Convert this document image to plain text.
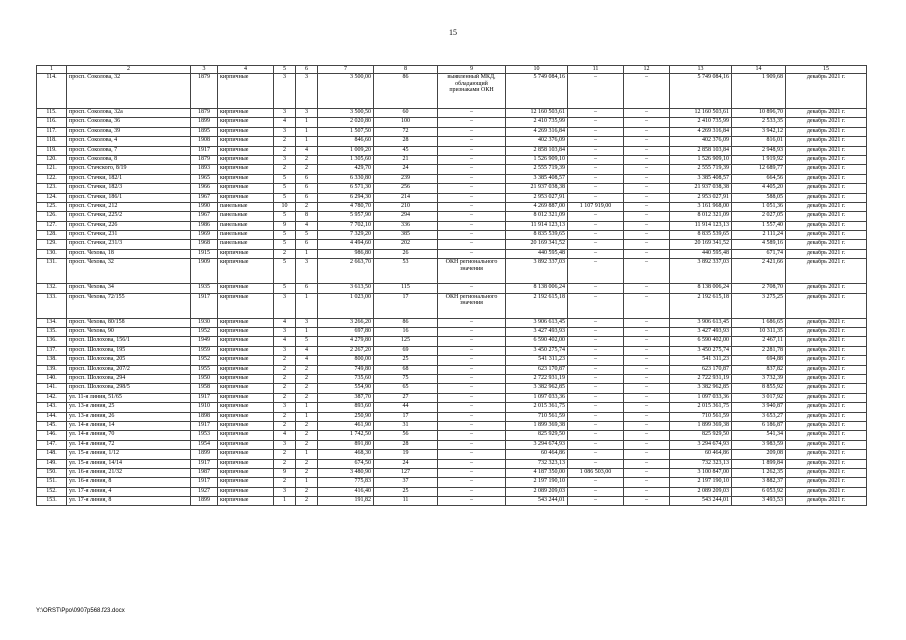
15
1	2	3	4	5	6	7	8	9	10	11	12	13	14	15
114.	просп. Соколова, 32	1879	кирпичные	3	3	3 500,00	86	выявленный МКД, обладающий признаками ОКН	5 749 084,16	–	–	5 749 084,16	1 909,68	декабрь 2021 г.
115.	просп. Соколова, 32а	1879	кирпичные	3	3	3 500,50	60	–	12 160 503,61	–	–	12 160 503,61	10 896,70	декабрь 2021 г.
116.	просп. Соколова, 36	1899	кирпичные	4	1	2 020,80	100	–	2 410 735,99	–	–	2 410 735,99	2 533,35	декабрь 2021 г.
117.	просп. Соколова, 39	1895	кирпичные	3	1	1 507,50	72	–	4 269 316,84	–	–	4 269 316,84	3 942,12	декабрь 2021 г.
118.	просп. Соколова, 4	1908	кирпичные	2	1	846,60	28	–	402 376,09	–	–	402 376,09	816,01	декабрь 2021 г.
119.	просп. Соколова, 7	1917	кирпичные	2	4	1 009,20	45	–	2 858 103,84	–	–	2 858 103,84	2 948,93	декабрь 2021 г.
120.	просп. Соколова, 8	1879	кирпичные	3	2	1 305,60	21	–	1 526 909,10	–	–	1 526 909,10	1 919,92	декабрь 2021 г.
121.	просп. Стачского, 8/19	1893	кирпичные	2	2	429,70	24	–	2 555 719,39	–	–	2 555 719,39	12 689,77	декабрь 2021 г.
122.	просп. Стачки, 182/1	1965	кирпичные	5	6	6 330,80	239	–	3 385 408,57	–	–	3 385 408,57	664,56	декабрь 2021 г.
123.	просп. Стачки, 182/3	1966	кирпичные	5	6	6 571,30	256	–	21 937 038,38	–	–	21 937 038,38	4 405,20	декабрь 2021 г.
124.	просп. Стачки, 186/1	1967	кирпичные	5	6	6 294,30	214	–	2 953 027,91	–	–	2 953 027,91	588,05	декабрь 2021 г.
125.	просп. Стачки, 212	1990	панельные	10	2	4 780,70	210	–	4 269 887,00	1 107 919,00	–	3 161 968,00	1 051,36	декабрь 2021 г.
126.	просп. Стачки, 225/2	1967	панельные	5	8	5 957,90	294	–	8 012 321,09	–	–	8 012 321,09	2 027,05	декабрь 2021 г.
127.	просп. Стачки, 226	1986	панельные	9	4	7 702,10	336	–	11 914 123,13	–	–	11 914 123,13	1 557,40	декабрь 2021 г.
128.	просп. Стачки, 231	1969	панельные	5	5	7 329,20	385	–	8 835 539,65	–	–	8 835 539,65	2 111,24	декабрь 2021 г.
129.	просп. Стачки, 231/3	1968	панельные	5	6	4 494,60	202	–	20 169 341,52	–	–	20 169 341,52	4 589,16	декабрь 2021 г.
130.	просп. Чехова, 18	1915	кирпичные	2	1	986,80	26	–	440 595,48	–	–	440 595,48	671,74	декабрь 2021 г.
131.	просп. Чехова, 32	1909	кирпичные	5	3	2 663,70	53	ОКН регионального значения	3 892 337,03	–	–	3 892 337,03	2 421,66	декабрь 2021 г.
132.	просп. Чехова, 34	1935	кирпичные	5	6	3 613,50	115	–	8 138 006,24	–	–	8 138 006,24	2 708,70	декабрь 2021 г.
133.	просп. Чехова, 72/155	1917	кирпичные	3	1	1 023,00	17	ОКН регионального значения	2 192 615,18	–	–	2 192 615,18	3 275,25	декабрь 2021 г.
134.	просп. Чехова, 80/158	1930	кирпичные	4	3	3 266,20	86	–	3 906 613,45	–	–	3 906 613,45	1 686,65	декабрь 2021 г.
135.	просп. Чехова, 90	1952	кирпичные	3	1	697,80	16	–	3 427 493,93	–	–	3 427 493,93	10 311,35	декабрь 2021 г.
136.	просп. Шолохова, 156/1	1949	кирпичные	4	5	4 279,80	125	–	6 590 402,00	–	–	6 590 402,00	2 467,11	декабрь 2021 г.
137.	просп. Шолохова, 195	1959	кирпичные	3	4	2 267,20	69	–	3 450 275,74	–	–	3 450 275,74	2 281,78	декабрь 2021 г.
138.	просп. Шолохова, 205	1952	кирпичные	2	4	800,00	25	–	541 311,23	–	–	541 311,23	694,88	декабрь 2021 г.
139.	просп. Шолохова, 207/2	1955	кирпичные	2	2	749,80	68	–	623 170,87	–	–	623 170,87	837,82	декабрь 2021 г.
140.	просп. Шолохова, 294	1950	кирпичные	2	2	735,60	75	–	2 722 931,19	–	–	2 722 931,19	3 732,39	декабрь 2021 г.
141.	просп. Шолохова, 298/5	1958	кирпичные	2	2	554,90	65	–	3 382 962,85	–	–	3 382 962,85	8 855,92	декабрь 2021 г.
142.	ул. 11-я линия, 51/65	1917	кирпичные	2	2	387,70	27	–	1 097 033,36	–	–	1 097 033,36	3 017,92	декабрь 2021 г.
143.	ул. 13-я линия, 25	1910	кирпичные	3	1	893,60	44	–	2 015 361,75	–	–	2 015 361,75	3 940,87	декабрь 2021 г.
144.	ул. 13-я линия, 26	1898	кирпичные	2	1	250,90	17	–	710 561,59	–	–	710 561,59	3 653,27	декабрь 2021 г.
145.	ул. 14-я линия, 14	1917	кирпичные	2	2	461,90	31	–	1 899 369,38	–	–	1 899 369,38	6 186,87	декабрь 2021 г.
146.	ул. 14-я линия, 70	1953	кирпичные	4	2	1 742,50	56	–	825 929,50	–	–	825 929,50	541,34	декабрь 2021 г.
147.	ул. 14-я линия, 72	1954	кирпичные	3	2	891,80	28	–	3 294 674,93	–	–	3 294 674,93	3 983,59	декабрь 2021 г.
148.	ул. 15-я линия, 1/12	1899	кирпичные	2	1	468,30	19	–	60 464,86	–	–	60 464,86	209,08	декабрь 2021 г.
149.	ул. 15-я линия, 14/14	1917	кирпичные	2	2	674,50	24	–	732 323,13	–	–	732 323,13	1 899,84	декабрь 2021 г.
150.	ул. 16-я линия, 21/32	1987	кирпичные	9	2	3 480,90	127	–	4 187 350,00	1 086 503,00	–	3 100 847,00	1 262,35	декабрь 2021 г.
151.	ул. 16-я линия, 8	1917	кирпичные	2	1	775,83	37	–	2 197 190,10	–	–	2 197 190,10	3 882,37	декабрь 2021 г.
152.	ул. 17-я линия, 4	1927	кирпичные	3	2	416,40	25	–	2 089 209,03	–	–	2 089 209,03	6 053,92	декабрь 2021 г.
153.	ул. 17-я линия, 8	1899	кирпичные	1	2	191,82	11	–	543 244,01	–	–	543 244,01	3 493,53	декабрь 2021 г.
Y:\ORST\Ppo\0907p568.f23.docx
